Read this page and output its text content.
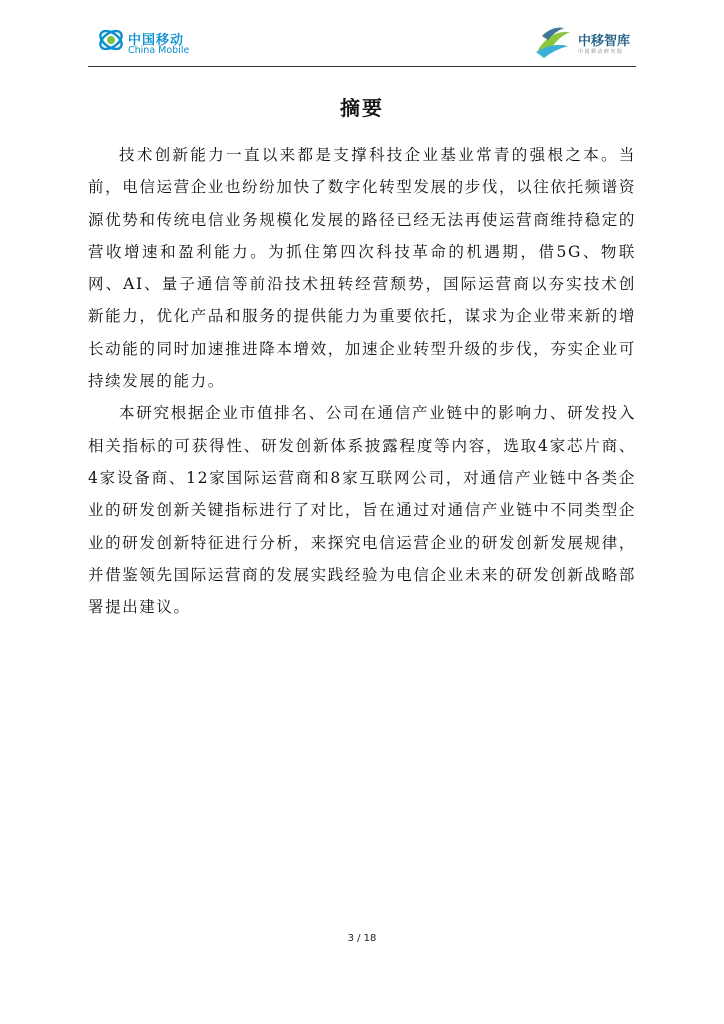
中国移动
China Mobile
中移智库
中国移动研究院
摘要

技术创新能力一直以来都是支撑科技企业基业常青的强根之本。当前，电信运营企业也纷纷加快了数字化转型发展的步伐，以往依托频谱资源优势和传统电信业务规模化发展的路径已经无法再使运营商维持稳定的营收增速和盈利能力。为抓住第四次科技革命的机遇期，借5G、物联网、AI、量子通信等前沿技术扭转经营颓势，国际运营商以夯实技术创新能力，优化产品和服务的提供能力为重要依托，谋求为企业带来新的增长动能的同时加速推进降本增效，加速企业转型升级的步伐，夯实企业可持续发展的能力。

本研究根据企业市值排名、公司在通信产业链中的影响力、研发投入相关指标的可获得性、研发创新体系披露程度等内容，选取4家芯片商、4家设备商、12家国际运营商和8家互联网公司，对通信产业链中各类企业的研发创新关键指标进行了对比，旨在通过对通信产业链中不同类型企业的研发创新特征进行分析，来探究电信运营企业的研发创新发展规律，并借鉴领先国际运营商的发展实践经验为电信企业未来的研发创新战略部署提出建议。

3 / 18
